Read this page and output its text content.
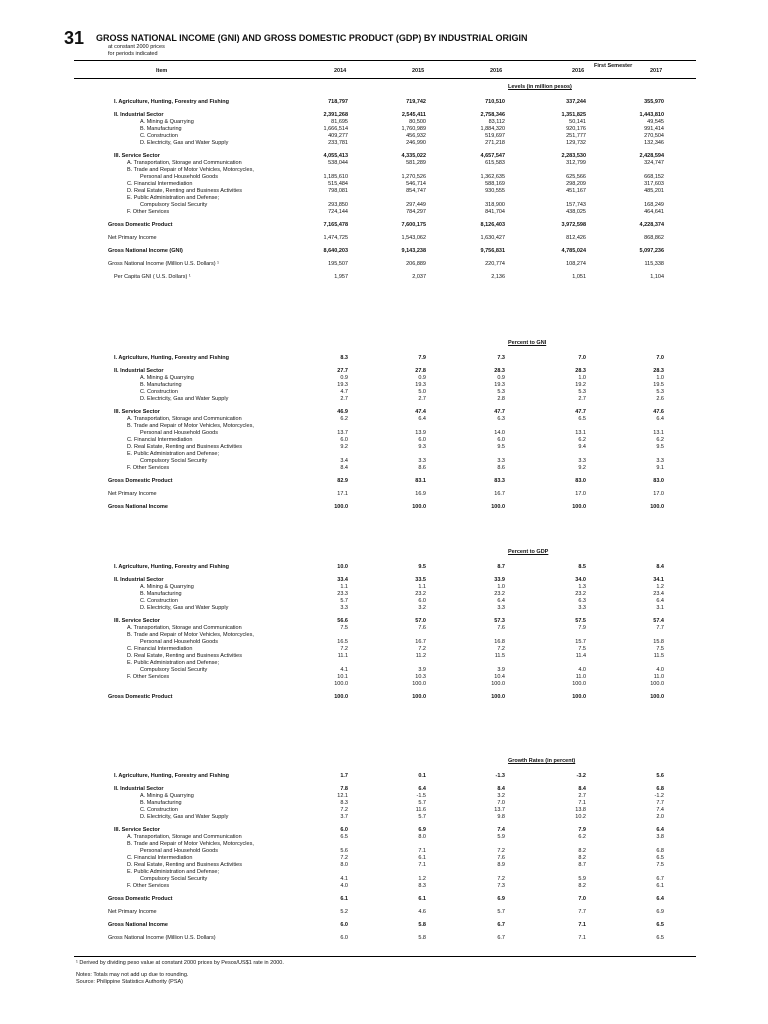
31 GROSS NATIONAL INCOME (GNI) AND GROSS DOMESTIC PRODUCT (GDP) BY INDUSTRIAL ORIGIN
at constant 2000 prices
for periods indicated
Item	2014	2015	2016
First Semester
2016	2017
Levels (in million pesos)
I. Agriculture, Hunting, Forestry and Fishing	718,797	719,742	710,510	337,244	355,970
II. Industrial Sector	2,391,268	2,545,411	2,758,346	1,351,825	1,443,810
A. Mining & Quarrying	81,695	80,500	83,112	50,141	49,545
B. Manufacturing	1,666,514	1,760,989	1,884,320	920,176	991,414
C. Construction	409,277	456,932	519,697	251,777	270,504
D. Electricity, Gas and Water Supply	233,781	246,990	271,218	129,732	132,346
III. Service Sector	4,055,413	4,335,022	4,657,547	2,283,530	2,428,594
A. Transportation, Storage and Communication	538,044	581,289	615,583	312,799	324,747
B. Trade and Repair of Motor Vehicles, Motorcycles,
Personal and Household Goods	1,185,610	1,270,526	1,362,635	625,566	668,152
C. Financial Intermediation	515,484	546,714	588,169	298,209	317,603
D. Real Estate, Renting and Business Activities	798,081	854,747	930,555	451,167	485,201
E. Public Administration and Defense;
Compulsory Social Security	293,850	297,449	318,900	157,743	168,249
F. Other Services	724,144	784,297	841,704	438,025	464,641
Gross Domestic Product	7,165,478	7,600,175	8,126,403	3,972,598	4,228,374
Net Primary Income	1,474,725	1,543,062	1,630,427	812,426	868,862
Gross National Income (GNI)	8,640,203	9,143,238	9,756,831	4,785,024	5,097,236
Gross National Income (Million U.S. Dollars) ¹	195,507	206,889	220,774	108,274	115,338
Per Capita GNI ( U.S. Dollars) ¹	1,957	2,037	2,136	1,051	1,104
Percent to GNI
I. Agriculture, Hunting, Forestry and Fishing	8.3	7.9	7.3	7.0	7.0
II. Industrial Sector	27.7	27.8	28.3	28.3	28.3
A. Mining & Quarrying	0.9	0.9	0.9	1.0	1.0
B. Manufacturing	19.3	19.3	19.3	19.2	19.5
C. Construction	4.7	5.0	5.3	5.3	5.3
D. Electricity, Gas and Water Supply	2.7	2.7	2.8	2.7	2.6
III. Service Sector	46.9	47.4	47.7	47.7	47.6
A. Transportation, Storage and Communication	6.2	6.4	6.3	6.5	6.4
B. Trade and Repair of Motor Vehicles, Motorcycles,
Personal and Household Goods	13.7	13.9	14.0	13.1	13.1
C. Financial Intermediation	6.0	6.0	6.0	6.2	6.2
D. Real Estate, Renting and Business Activities	9.2	9.3	9.5	9.4	9.5
E. Public Administration and Defense;
Compulsory Social Security	3.4	3.3	3.3	3.3	3.3
F. Other Services	8.4	8.6	8.6	9.2	9.1
Gross Domestic Product	82.9	83.1	83.3	83.0	83.0
Net Primary Income	17.1	16.9	16.7	17.0	17.0
Gross National Income	100.0	100.0	100.0	100.0	100.0
Percent to GDP
I. Agriculture, Hunting, Forestry and Fishing	10.0	9.5	8.7	8.5	8.4
II. Industrial Sector	33.4	33.5	33.9	34.0	34.1
A. Mining & Quarrying	1.1	1.1	1.0	1.3	1.2
B. Manufacturing	23.3	23.2	23.2	23.2	23.4
C. Construction	5.7	6.0	6.4	6.3	6.4
D. Electricity, Gas and Water Supply	3.3	3.2	3.3	3.3	3.1
III. Service Sector	56.6	57.0	57.3	57.5	57.4
A. Transportation, Storage and Communication	7.5	7.6	7.6	7.9	7.7
B. Trade and Repair of Motor Vehicles, Motorcycles,
Personal and Household Goods	16.5	16.7	16.8	15.7	15.8
C. Financial Intermediation	7.2	7.2	7.2	7.5	7.5
D. Real Estate, Renting and Business Activities	11.1	11.2	11.5	11.4	11.5
E. Public Administration and Defense;
Compulsory Social Security	4.1	3.9	3.9	4.0	4.0
F. Other Services	10.1	10.3	10.4	11.0	11.0
100.0	100.0	100.0	100.0	100.0
Gross Domestic Product	100.0	100.0	100.0	100.0	100.0
Growth Rates (in percent)
I. Agriculture, Hunting, Forestry and Fishing	1.7	0.1	-1.3	-3.2	5.6
II. Industrial Sector	7.8	6.4	8.4	8.4	6.8
A. Mining & Quarrying	12.1	-1.5	3.2	2.7	-1.2
B. Manufacturing	8.3	5.7	7.0	7.1	7.7
C. Construction	7.2	11.6	13.7	13.8	7.4
D. Electricity, Gas and Water Supply	3.7	5.7	9.8	10.2	2.0
III. Service Sector	6.0	6.9	7.4	7.9	6.4
A. Transportation, Storage and Communication	6.5	8.0	5.9	6.2	3.8
B. Trade and Repair of Motor Vehicles, Motorcycles,
Personal and Household Goods	5.6	7.1	7.2	8.2	6.8
C. Financial Intermediation	7.2	6.1	7.6	8.2	6.5
D. Real Estate, Renting and Business Activities	8.0	7.1	8.9	8.7	7.5
E. Public Administration and Defense;
Compulsory Social Security	4.1	1.2	7.2	5.9	6.7
F. Other Services	4.0	8.3	7.3	8.2	6.1
Gross Domestic Product	6.1	6.1	6.9	7.0	6.4
Net Primary Income	5.2	4.6	5.7	7.7	6.9
Gross National Income	6.0	5.8	6.7	7.1	6.5
Gross National Income (Million U.S. Dollars)	6.0	5.8	6.7	7.1	6.5
¹ Derived by dividing peso value at constant 2000 prices by Pesos/US$1 rate in 2000.
Notes: Totals may not add up due to rounding.
Source: Philippine Statistics Authority (PSA)
